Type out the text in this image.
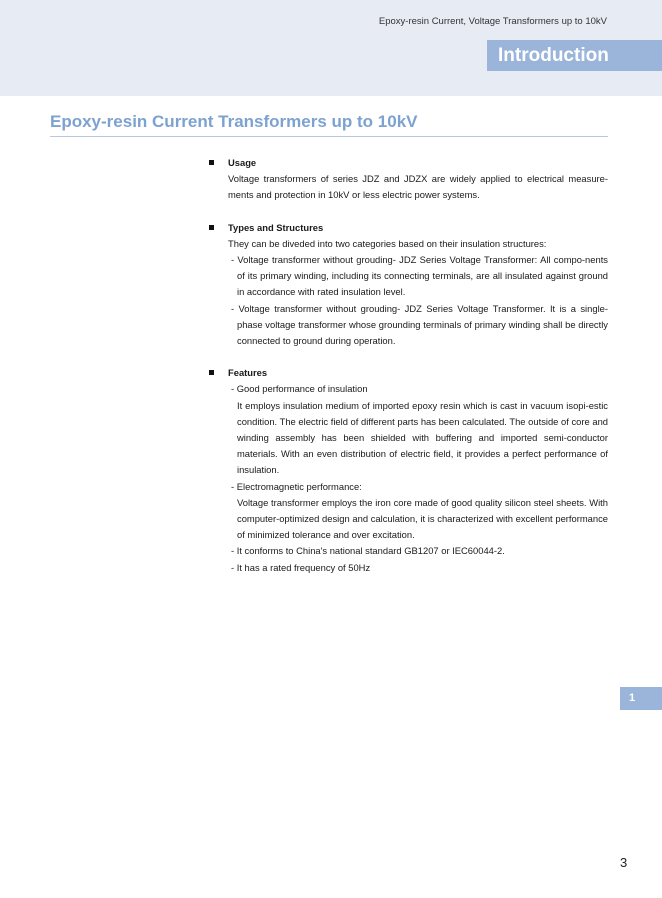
Epoxy-resin Current, Voltage Transformers up to 10kV
Introduction
Epoxy-resin Current Transformers up to 10kV
Usage
Voltage transformers of series JDZ and JDZX are widely applied to electrical measure-ments and protection in 10kV or less electric power systems.
Types and Structures
They can be diveded into two categories based on their insulation structures:
- Voltage transformer without grouding- JDZ Series Voltage Transformer: All compo-nents of its primary winding, including its connecting terminals, are all insulated against ground in accordance with rated insulation level.
- Voltage transformer without grouding- JDZ Series Voltage Transformer. It is a single-phase voltage transformer whose grounding terminals of primary winding shall be directly connected to ground during operation.
Features
- Good performance of insulation
It employs insulation medium of imported epoxy resin which is cast in vacuum isopi-estic condition. The electric field of different parts has been calculated. The outside of core and winding assembly has been shielded with buffering and imported semi-conductor materials. With an even distribution of electric field, it provides a perfect performance of insulation.
- Electromagnetic performance:
Voltage transformer employs the iron core made of good quality silicon steel sheets. With computer-optimized design and calculation, it is characterized with excellent performance of minimized tolerance and over excitation.
- It conforms to China's national standard GB1207 or IEC60044-2.
- It has a rated frequency of 50Hz
1
3
